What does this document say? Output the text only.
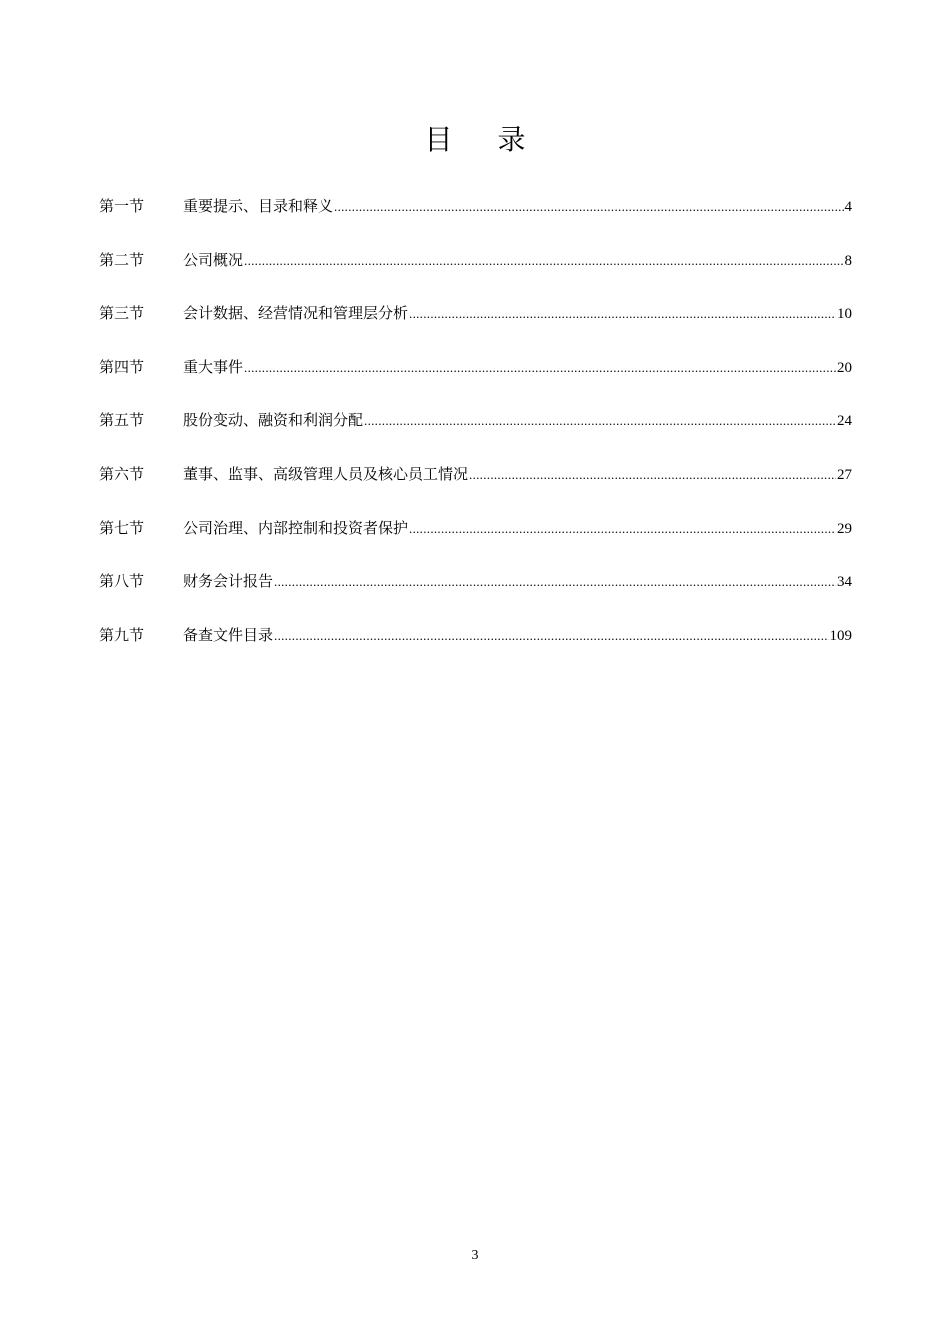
目 录
第一节	重要提示、目录和释义 .....	4
第二节	公司概况 .....	8
第三节	会计数据、经营情况和管理层分析 .....	10
第四节	重大事件 .....	20
第五节	股份变动、融资和利润分配 .....	24
第六节	董事、监事、高级管理人员及核心员工情况 .....	27
第七节	公司治理、内部控制和投资者保护 .....	29
第八节	财务会计报告 .....	34
第九节	备查文件目录 .....	109
3
